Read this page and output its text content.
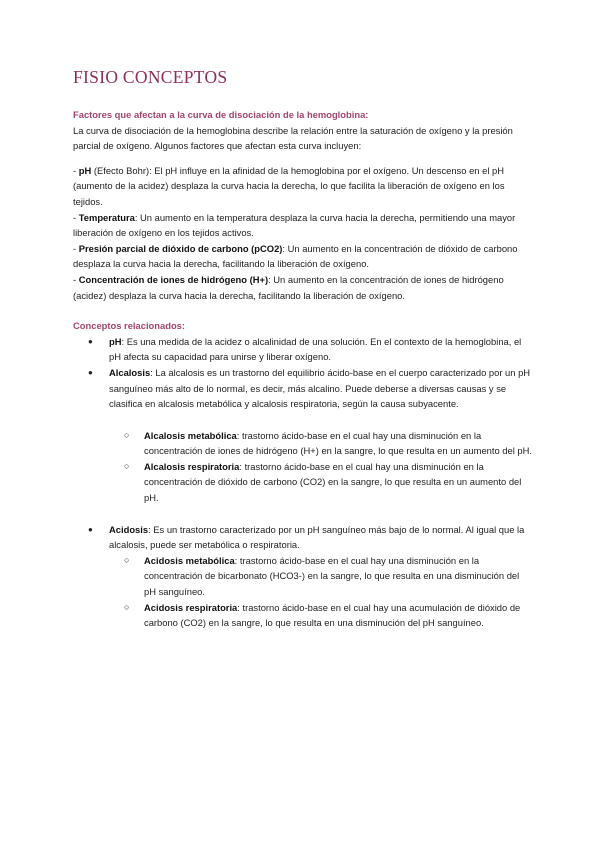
FISIO CONCEPTOS

Factores que afectan a la curva de disociación de la hemoglobina:

La curva de disociación de la hemoglobina describe la relación entre la saturación de oxígeno y la presión parcial de oxígeno. Algunos factores que afectan esta curva incluyen:

- pH (Efecto Bohr): El pH influye en la afinidad de la hemoglobina por el oxígeno. Un descenso en el pH (aumento de la acidez) desplaza la curva hacia la derecha, lo que facilita la liberación de oxígeno en los tejidos.

- Temperatura: Un aumento en la temperatura desplaza la curva hacia la derecha, permitiendo una mayor liberación de oxígeno en los tejidos activos.

- Presión parcial de dióxido de carbono (pCO2): Un aumento en la concentración de dióxido de carbono desplaza la curva hacia la derecha, facilitando la liberación de oxígeno.

- Concentración de iones de hidrógeno (H+): Un aumento en la concentración de iones de hidrógeno (acidez) desplaza la curva hacia la derecha, facilitando la liberación de oxígeno.

Conceptos relacionados:

● pH: Es una medida de la acidez o alcalinidad de una solución. En el contexto de la hemoglobina, el pH afecta su capacidad para unirse y liberar oxígeno.
● Alcalosis: La alcalosis es un trastorno del equilibrio ácido-base en el cuerpo caracterizado por un pH sanguíneo más alto de lo normal, es decir, más alcalino. Puede deberse a diversas causas y se clasifica en alcalosis metabólica y alcalosis respiratoria, según la causa subyacente.
○ Alcalosis metabólica: trastorno ácido-base en el cual hay una disminución en la concentración de iones de hidrógeno (H+) en la sangre, lo que resulta en un aumento del pH.
○ Alcalosis respiratoria: trastorno ácido-base en el cual hay una disminución en la concentración de dióxido de carbono (CO2) en la sangre, lo que resulta en un aumento del pH.
● Acidosis: Es un trastorno caracterizado por un pH sanguíneo más bajo de lo normal. Al igual que la alcalosis, puede ser metabólica o respiratoria.
○ Acidosis metabólica: trastorno ácido-base en el cual hay una disminución en la concentración de bicarbonato (HCO3-) en la sangre, lo que resulta en una disminución del pH sanguíneo.
○ Acidosis respiratoria: trastorno ácido-base en el cual hay una acumulación de dióxido de carbono (CO2) en la sangre, lo que resulta en una disminución del pH sanguíneo.
